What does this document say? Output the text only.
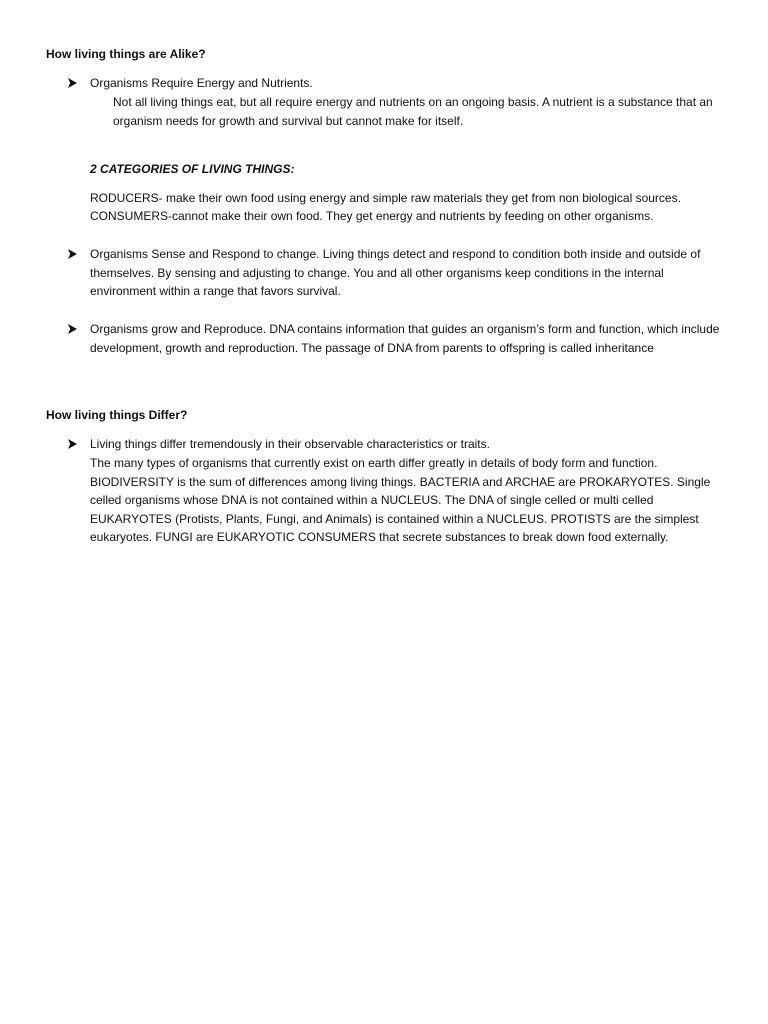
How living things are Alike?
Organisms Require Energy and Nutrients.
Not all living things eat, but all require energy and nutrients on an ongoing basis. A nutrient is a substance that an organism needs for growth and survival but cannot make for itself.
2 CATEGORIES OF LIVING THINGS:
RODUCERS- make their own food using energy and simple raw materials they get from non biological sources.
CONSUMERS-cannot make their own food. They get energy and nutrients by feeding on other organisms.
Organisms Sense and Respond to change. Living things detect and respond to condition both inside and outside of themselves. By sensing and adjusting to change. You and all other organisms keep conditions in the internal environment within a range that favors survival.
Organisms grow and Reproduce. DNA contains information that guides an organism’s form and function, which include development, growth and reproduction. The passage of DNA from parents to offspring is called inheritance
How living things Differ?
Living things differ tremendously in their observable characteristics or traits.
The many types of organisms that currently exist on earth differ greatly in details of body form and function. BIODIVERSITY is the sum of differences among living things. BACTERIA and ARCHAE are PROKARYOTES. Single celled organisms whose DNA is not contained within a NUCLEUS. The DNA of single celled or multi celled EUKARYOTES (Protists, Plants, Fungi, and Animals) is contained within a NUCLEUS. PROTISTS are the simplest eukaryotes. FUNGI are EUKARYOTIC CONSUMERS that secrete substances to break down food externally.
